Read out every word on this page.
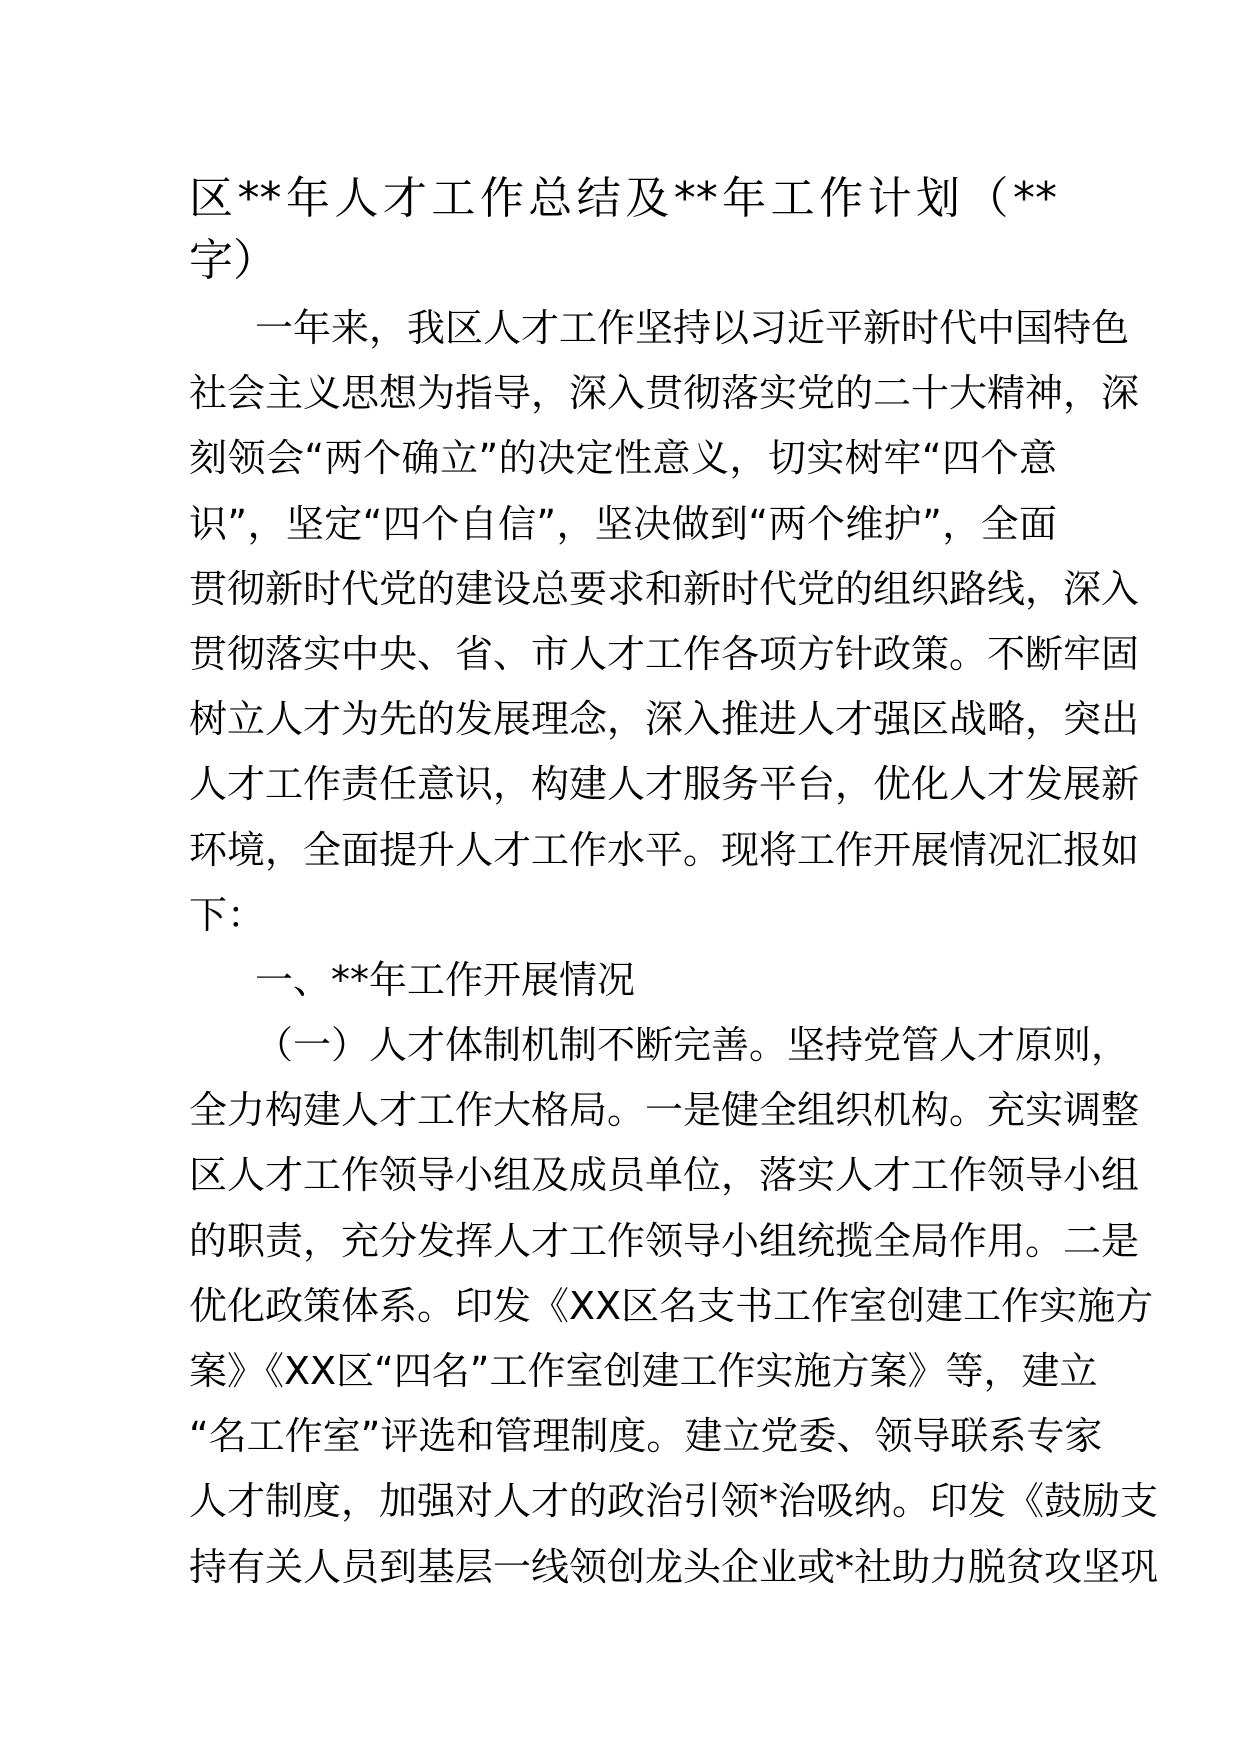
区**年人才工作总结及**年工作计划（**
字）
一年来，我区人才工作坚持以习近平新时代中国特色
社会主义思想为指导，深入贯彻落实党的二十大精神，深
刻领会“两个确立”的决定性意义，切实树牢“四个意
识”，坚定“四个自信”，坚决做到“两个维护”，全面
贯彻新时代党的建设总要求和新时代党的组织路线，深入
贯彻落实中央、省、市人才工作各项方针政策。不断牢固
树立人才为先的发展理念，深入推进人才强区战略，突出
人才工作责任意识，构建人才服务平台，优化人才发展新
环境，全面提升人才工作水平。现将工作开展情况汇报如
下：
一、**年工作开展情况
（一）人才体制机制不断完善。坚持党管人才原则，
全力构建人才工作大格局。一是健全组织机构。充实调整
区人才工作领导小组及成员单位，落实人才工作领导小组
的职责，充分发挥人才工作领导小组统揽全局作用。二是
优化政策体系。印发《XX区名支书工作室创建工作实施方
案》《XX区“四名”工作室创建工作实施方案》等，建立
“名工作室”评选和管理制度。建立党委、领导联系专家
人才制度，加强对人才的政治引领*治吸纳。印发《鼓励支
持有关人员到基层一线领创龙头企业或*社助力脱贫攻坚巩
